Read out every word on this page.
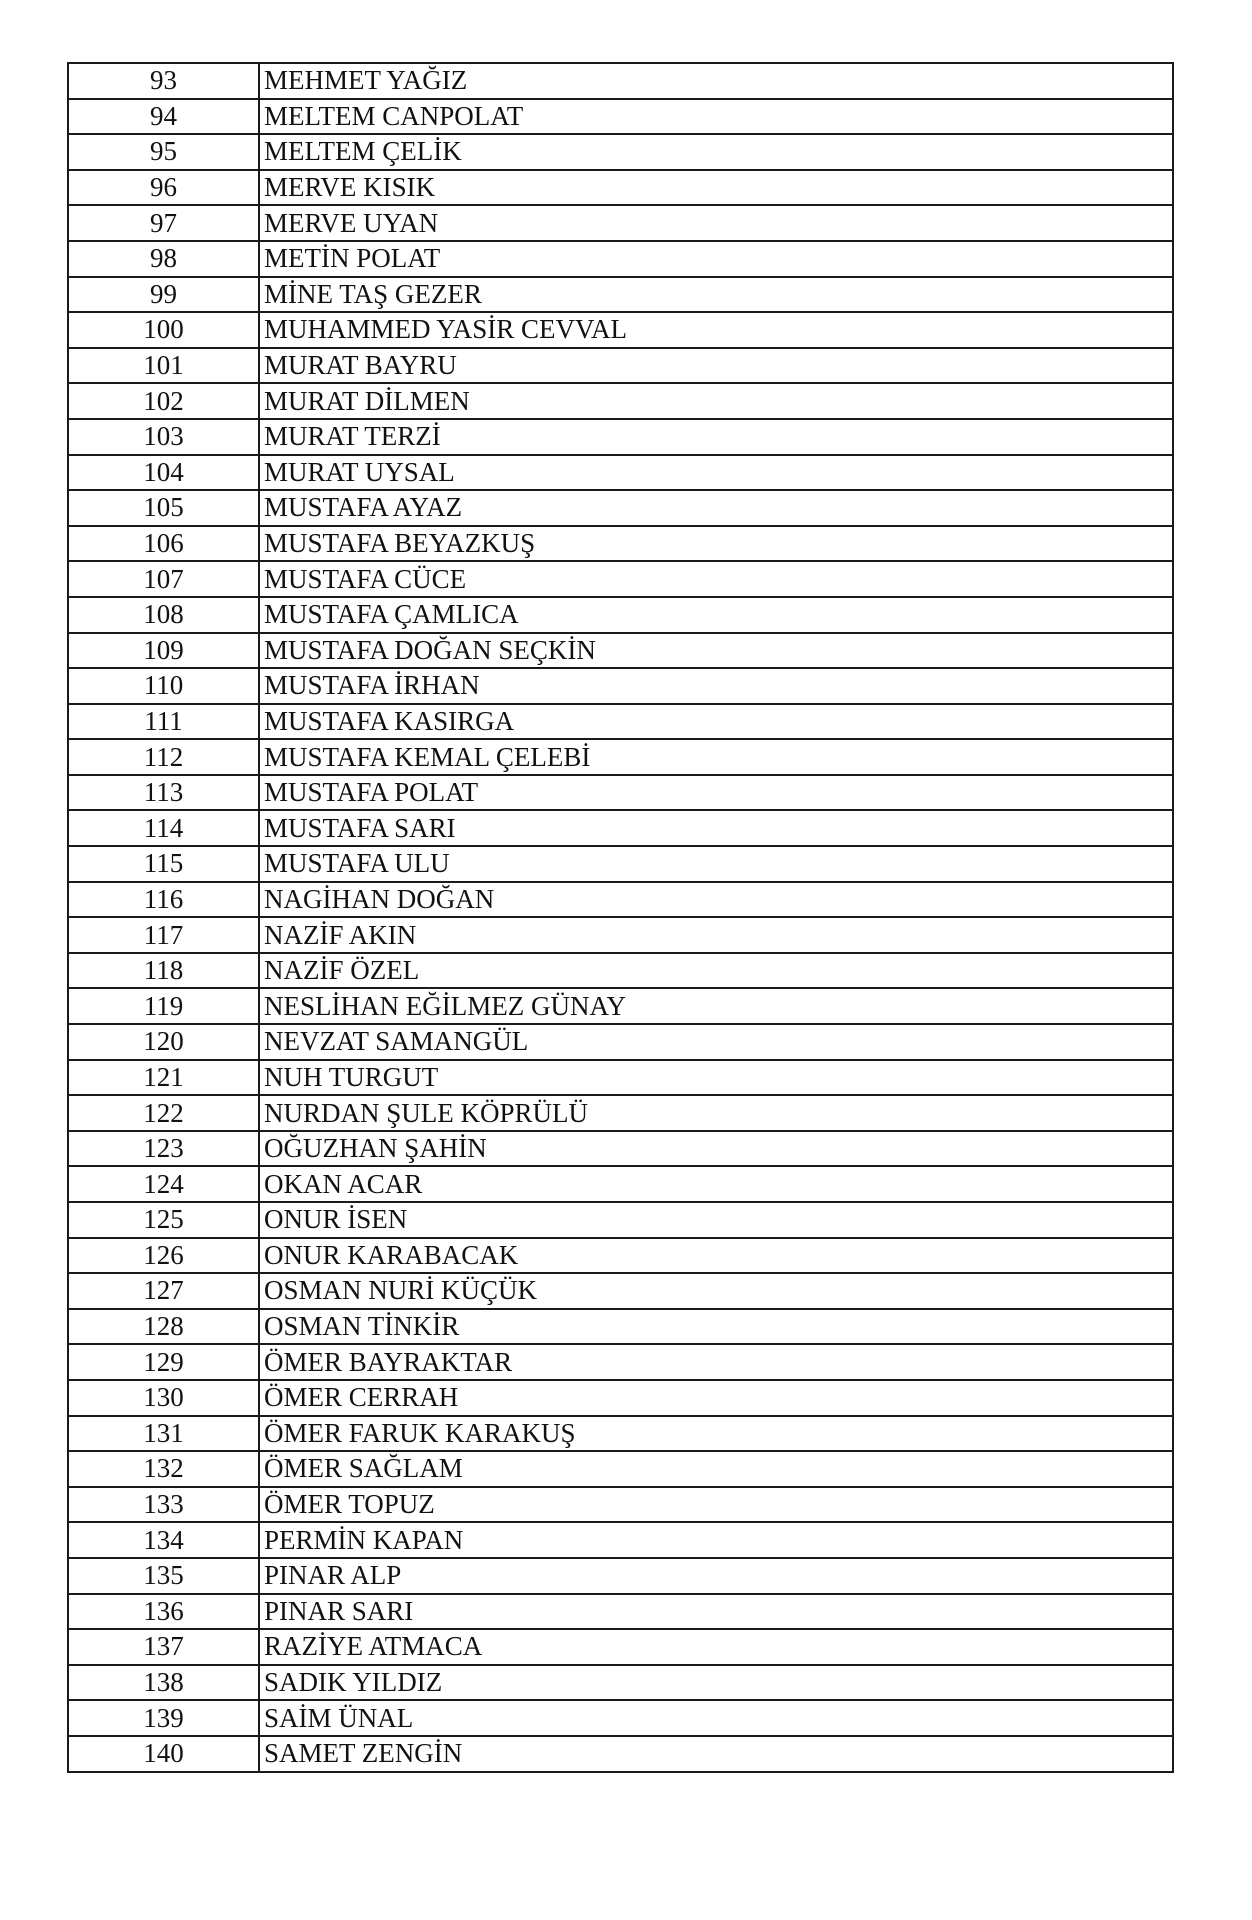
93	MEHMET YAĞIZ
94	MELTEM CANPOLAT
95	MELTEM ÇELİK
96	MERVE KISIK
97	MERVE UYAN
98	METİN POLAT
99	MİNE TAŞ GEZER
100	MUHAMMED YASİR CEVVAL
101	MURAT BAYRU
102	MURAT DİLMEN
103	MURAT TERZİ
104	MURAT UYSAL
105	MUSTAFA AYAZ
106	MUSTAFA BEYAZKUŞ
107	MUSTAFA CÜCE
108	MUSTAFA ÇAMLICA
109	MUSTAFA DOĞAN SEÇKİN
110	MUSTAFA İRHAN
111	MUSTAFA KASIRGA
112	MUSTAFA KEMAL ÇELEBİ
113	MUSTAFA POLAT
114	MUSTAFA SARI
115	MUSTAFA ULU
116	NAGİHAN DOĞAN
117	NAZİF AKIN
118	NAZİF ÖZEL
119	NESLİHAN EĞİLMEZ GÜNAY
120	NEVZAT SAMANGÜL
121	NUH TURGUT
122	NURDAN ŞULE KÖPRÜLÜ
123	OĞUZHAN ŞAHİN
124	OKAN ACAR
125	ONUR İSEN
126	ONUR KARABACAK
127	OSMAN NURİ KÜÇÜK
128	OSMAN TİNKİR
129	ÖMER BAYRAKTAR
130	ÖMER CERRAH
131	ÖMER FARUK KARAKUŞ
132	ÖMER SAĞLAM
133	ÖMER TOPUZ
134	PERMİN KAPAN
135	PINAR ALP
136	PINAR SARI
137	RAZİYE ATMACA
138	SADIK YILDIZ
139	SAİM ÜNAL
140	SAMET ZENGİN
